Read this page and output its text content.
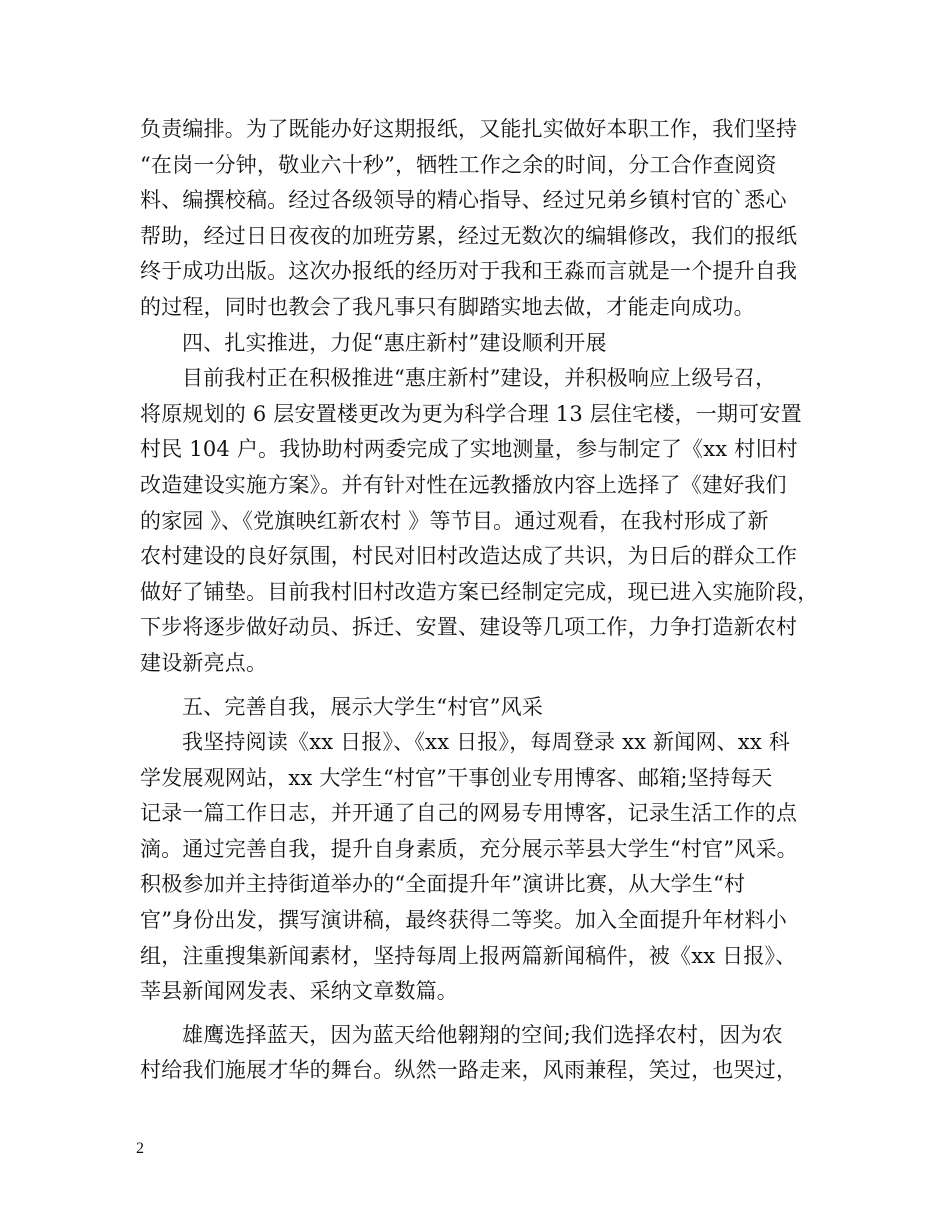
负责编排。为了既能办好这期报纸，又能扎实做好本职工作，我们坚持
“在岗一分钟，敬业六十秒”，牺牲工作之余的时间，分工合作查阅资
料、编撰校稿。经过各级领导的精心指导、经过兄弟乡镇村官的`悉心
帮助，经过日日夜夜的加班劳累，经过无数次的编辑修改，我们的报纸
终于成功出版。这次办报纸的经历对于我和王淼而言就是一个提升自我
的过程，同时也教会了我凡事只有脚踏实地去做，才能走向成功。
四、扎实推进，力促“惠庄新村”建设顺利开展
目前我村正在积极推进“惠庄新村”建设，并积极响应上级号召，
将原规划的 6 层安置楼更改为更为科学合理 13 层住宅楼，一期可安置
村民 104 户。我协助村两委完成了实地测量，参与制定了《xx 村旧村
改造建设实施方案》。并有针对性在远教播放内容上选择了《建好我们
的家园 》、《党旗映红新农村 》等节目。通过观看，在我村形成了新
农村建设的良好氛围，村民对旧村改造达成了共识，为日后的群众工作
做好了铺垫。目前我村旧村改造方案已经制定完成，现已进入实施阶段，
下步将逐步做好动员、拆迁、安置、建设等几项工作，力争打造新农村
建设新亮点。
五、完善自我，展示大学生“村官”风采
我坚持阅读《xx 日报》、《xx 日报》，每周登录 xx 新闻网、xx 科
学发展观网站，xx 大学生“村官”干事创业专用博客、邮箱;坚持每天
记录一篇工作日志，并开通了自己的网易专用博客，记录生活工作的点
滴。通过完善自我，提升自身素质，充分展示莘县大学生“村官”风采。
积极参加并主持街道举办的“全面提升年”演讲比赛，从大学生“村
官”身份出发，撰写演讲稿，最终获得二等奖。加入全面提升年材料小
组，注重搜集新闻素材，坚持每周上报两篇新闻稿件，被《xx 日报》、
莘县新闻网发表、采纳文章数篇。
雄鹰选择蓝天，因为蓝天给他翱翔的空间;我们选择农村，因为农
村给我们施展才华的舞台。纵然一路走来，风雨兼程，笑过，也哭过，
2
